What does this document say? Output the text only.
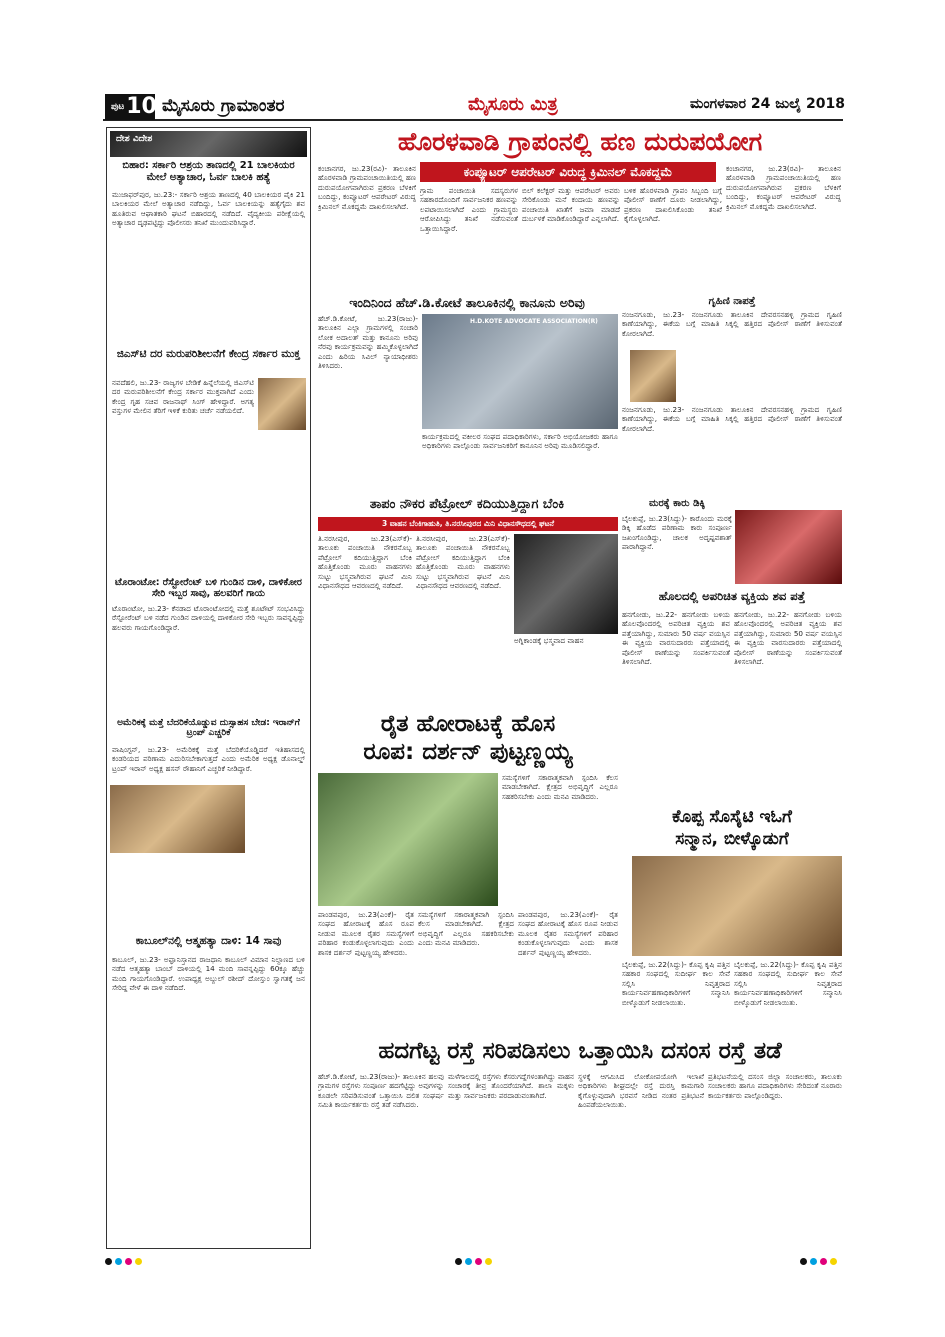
$^{ಪುಟ}$10 ಮೈಸೂರು ಗ್ರಾಮಾಂತರ	ಮೈಸೂರು ಮಿತ್ರ	ಮಂಗಳವಾರ 24 ಜುಲೈ 2018
ದೇಶ ವಿದೇಶ
ಬಿಹಾರ: ಸರ್ಕಾರಿ ಆಶ್ರಯ ತಾಣದಲ್ಲಿ 21 ಬಾಲಕಿಯರ ಮೇಲೆ ಅತ್ಯಾಚಾರ, ಓರ್ವ ಬಾಲಕಿ ಹತ್ಯೆ

ಮುಜಾಫರ್‌ಪುರ, ಜು.23:- ಸರ್ಕಾರಿ ಆಶ್ರಯ ತಾಣದಲ್ಲಿ 40 ಬಾಲಕಿಯರ ಪೈಕಿ 21 ಬಾಲಕಿಯರ ಮೇಲೆ ಅತ್ಯಾಚಾರ ನಡೆದಿದ್ದು, ಓರ್ವ ಬಾಲಕಿಯನ್ನು ಹತ್ಯೆಗೈದು ಶವ ಹೂತಿರುವ ಆಘಾತಕಾರಿ ಘಟನೆ ಬಿಹಾರದಲ್ಲಿ ನಡೆದಿದೆ. ವೈದ್ಯಕೀಯ ಪರೀಕ್ಷೆಯಲ್ಲಿ ಅತ್ಯಾಚಾರ ದೃಢಪಟ್ಟಿದ್ದು ಪೊಲೀಸರು ತನಿಖೆ ಮುಂದುವರಿಸಿದ್ದಾರೆ.

ಜಿಎಸ್‌ಟಿ ದರ ಮರುಪರಿಶೀಲನೆಗೆ ಕೇಂದ್ರ ಸರ್ಕಾರ ಮುಕ್ತ

ನವದೆಹಲಿ, ಜು.23- ರಾಜ್ಯಗಳ ಬೇಡಿಕೆ ಹಿನ್ನೆಲೆಯಲ್ಲಿ ಜಿಎಸ್‌ಟಿ ದರ ಮರುಪರಿಶೀಲನೆಗೆ ಕೇಂದ್ರ ಸರ್ಕಾರ ಮುಕ್ತವಾಗಿದೆ ಎಂದು ಕೇಂದ್ರ ಗೃಹ ಸಚಿವ ರಾಜನಾಥ್ ಸಿಂಗ್ ಹೇಳಿದ್ದಾರೆ. ಅಗತ್ಯ ವಸ್ತುಗಳ ಮೇಲಿನ ತೆರಿಗೆ ಇಳಿಕೆ ಕುರಿತು ಚರ್ಚೆ ನಡೆಯಲಿದೆ.

ಟೊರಾಂಟೋ: ರೆಸ್ಟೋರೆಂಟ್ ಬಳಿ ಗುಂಡಿನ ದಾಳಿ, ದಾಳಿಕೋರ ಸೇರಿ ಇಬ್ಬರ ಸಾವು, ಹಲವರಿಗೆ ಗಾಯ

ಟೊರಾಂಟೋ, ಜು.23- ಕೆನಡಾದ ಟೊರಾಂಟೋದಲ್ಲಿ ಮತ್ತೆ ಶೂಟೌಟ್ ಸಂಭವಿಸಿದ್ದು ರೆಸ್ಟೋರೆಂಟ್ ಬಳಿ ನಡೆದ ಗುಂಡಿನ ದಾಳಿಯಲ್ಲಿ ದಾಳಿಕೋರ ಸೇರಿ ಇಬ್ಬರು ಸಾವನ್ನಪ್ಪಿದ್ದು ಹಲವರು ಗಾಯಗೊಂಡಿದ್ದಾರೆ.

ಅಮೆರಿಕಕ್ಕೆ ಮತ್ತೆ ಬೆದರಿಕೆಯೊಡ್ಡುವ ದುಸ್ಸಾಹಸ ಬೇಡ: ಇರಾನ್‌ಗೆ ಟ್ರಂಪ್ ಎಚ್ಚರಿಕೆ

ವಾಷಿಂಗ್ಟನ್, ಜು.23- ಅಮೆರಿಕಕ್ಕೆ ಮತ್ತೆ ಬೆದರಿಕೆಯೊಡ್ಡಿದರೆ ಇತಿಹಾಸದಲ್ಲಿ ಕಂಡರಿಯದ ಪರಿಣಾಮ ಎದುರಿಸಬೇಕಾಗುತ್ತದೆ ಎಂದು ಅಮೆರಿಕ ಅಧ್ಯಕ್ಷ ಡೊನಾಲ್ಡ್ ಟ್ರಂಪ್ ಇರಾನ್ ಅಧ್ಯಕ್ಷ ಹಸನ್ ರೌಹಾನಿಗೆ ಎಚ್ಚರಿಕೆ ನೀಡಿದ್ದಾರೆ.

ಕಾಬೂಲ್‌ನಲ್ಲಿ ಆತ್ಮಹತ್ಯಾ ದಾಳಿ: 14 ಸಾವು

ಕಾಬೂಲ್, ಜು.23- ಅಫ್ಘಾನಿಸ್ತಾನದ ರಾಜಧಾನಿ ಕಾಬೂಲ್ ವಿಮಾನ ನಿಲ್ದಾಣದ ಬಳಿ ನಡೆದ ಆತ್ಮಹತ್ಯಾ ಬಾಂಬ್ ದಾಳಿಯಲ್ಲಿ 14 ಮಂದಿ ಸಾವನ್ನಪ್ಪಿದ್ದು 60ಕ್ಕೂ ಹೆಚ್ಚು ಮಂದಿ ಗಾಯಗೊಂಡಿದ್ದಾರೆ. ಉಪಾಧ್ಯಕ್ಷ ಅಬ್ದುಲ್ ರಶೀದ್ ದೋಸ್ತುಂ ಸ್ವಾಗತಕ್ಕೆ ಜನ ಸೇರಿದ್ದ ವೇಳೆ ಈ ದಾಳಿ ನಡೆದಿದೆ.

ಹೊರಳವಾಡಿ ಗ್ರಾಪಂನಲ್ಲಿ ಹಣ ದುರುಪಯೋಗ
ಕಂಪ್ಯೂಟರ್ ಆಪರೇಟರ್ ವಿರುದ್ಧ ಕ್ರಿಮಿನಲ್ ಮೊಕದ್ದಮೆ

ಕಂಚಾನಗರ, ಜು.23(ರವಿ)- ತಾಲೂಕಿನ ಹೊರಳವಾಡಿ ಗ್ರಾಮಪಂಚಾಯಿತಿಯಲ್ಲಿ ಹಣ ದುರುಪಯೋಗವಾಗಿರುವ ಪ್ರಕರಣ ಬೆಳಕಿಗೆ ಬಂದಿದ್ದು, ಕಂಪ್ಯೂಟರ್ ಆಪರೇಟರ್ ವಿರುದ್ಧ ಕ್ರಿಮಿನಲ್ ಮೊಕದ್ದಮೆ ದಾಖಲಿಸಲಾಗಿದೆ.

ಗ್ರಾಮ ಪಂಚಾಯಿತಿ ಸದಸ್ಯರುಗಳ ಸಹಕಾರದೊಂದಿಗೆ ಸಾರ್ವಜನಿಕರ ಹಣವನ್ನು ಲಪಟಾಯಿಸಲಾಗಿದೆ ಎಂದು ಗ್ರಾಮಸ್ಥರು ಆರೋಪಿಸಿದ್ದು ತನಿಖೆ ನಡೆಸುವಂತೆ ಒತ್ತಾಯಿಸಿದ್ದಾರೆ.

ಬಿಲ್ ಕಲೆಕ್ಟರ್ ಮತ್ತು ಆಪರೇಟರ್ ಅವರು ಸೇರಿಕೊಂಡು ಮನೆ ಕಂದಾಯ ಹಣವನ್ನು ಪಂಚಾಯಿತಿ ಖಾತೆಗೆ ಜಮಾ ಮಾಡದೆ ದುರ್ಬಳಕೆ ಮಾಡಿಕೊಂಡಿದ್ದಾರೆ ಎನ್ನಲಾಗಿದೆ.

ಬಳಿಕ ಹೊರಳವಾಡಿ ಗ್ರಾಪಂ ಸಿಬ್ಬಂದಿ ಬಗ್ಗೆ ಪೊಲೀಸ್ ಠಾಣೆಗೆ ದೂರು ನೀಡಲಾಗಿದ್ದು, ಪ್ರಕರಣ ದಾಖಲಿಸಿಕೊಂಡು ತನಿಖೆ ಕೈಗೊಳ್ಳಲಾಗಿದೆ.

ಕಂಚಾನಗರ, ಜು.23(ರವಿ)- ತಾಲೂಕಿನ ಹೊರಳವಾಡಿ ಗ್ರಾಮಪಂಚಾಯಿತಿಯಲ್ಲಿ ಹಣ ದುರುಪಯೋಗವಾಗಿರುವ ಪ್ರಕರಣ ಬೆಳಕಿಗೆ ಬಂದಿದ್ದು, ಕಂಪ್ಯೂಟರ್ ಆಪರೇಟರ್ ವಿರುದ್ಧ ಕ್ರಿಮಿನಲ್ ಮೊಕದ್ದಮೆ ದಾಖಲಿಸಲಾಗಿದೆ.

ಇಂದಿನಿಂದ ಹೆಚ್.ಡಿ.ಕೋಟೆ ತಾಲೂಕಿನಲ್ಲಿ ಕಾನೂನು ಅರಿವು

ಹೆಚ್.ಡಿ.ಕೋಟೆ, ಜು.23(ರಾಜು)- ತಾಲೂಕಿನ ಎಲ್ಲಾ ಗ್ರಾಮಗಳಲ್ಲಿ ಸಂಚಾರಿ ಲೋಕ ಅದಾಲತ್ ಮತ್ತು ಕಾನೂನು ಅರಿವು ನೆರವು ಕಾರ್ಯಕ್ರಮವನ್ನು ಹಮ್ಮಿಕೊಳ್ಳಲಾಗಿದೆ ಎಂದು ಹಿರಿಯ ಸಿವಿಲ್ ನ್ಯಾಯಾಧೀಶರು ತಿಳಿಸಿದರು.

H.D.KOTE ADVOCATE ASSOCIATION(R)

ಕಾರ್ಯಕ್ರಮದಲ್ಲಿ ವಕೀಲರ ಸಂಘದ ಪದಾಧಿಕಾರಿಗಳು, ಸರ್ಕಾರಿ ಅಭಿಯೋಜಕರು ಹಾಗೂ ಅಧಿಕಾರಿಗಳು ಪಾಲ್ಗೊಂಡು ಸಾರ್ವಜನಿಕರಿಗೆ ಕಾನೂನಿನ ಅರಿವು ಮೂಡಿಸಲಿದ್ದಾರೆ.

ಗೃಹಿಣಿ ನಾಪತ್ತೆ

ನಂಜನಗೂಡು, ಜು.23- ನಂಜನಗೂಡು ತಾಲೂಕಿನ ದೇವರಸನಹಳ್ಳಿ ಗ್ರಾಮದ ಗೃಹಿಣಿ ಕಾಣೆಯಾಗಿದ್ದು, ಈಕೆಯ ಬಗ್ಗೆ ಮಾಹಿತಿ ಸಿಕ್ಕಲ್ಲಿ ಹತ್ತಿರದ ಪೊಲೀಸ್ ಠಾಣೆಗೆ ತಿಳಿಸುವಂತೆ ಕೋರಲಾಗಿದೆ.

ನಂಜನಗೂಡು, ಜು.23- ನಂಜನಗೂಡು ತಾಲೂಕಿನ ದೇವರಸನಹಳ್ಳಿ ಗ್ರಾಮದ ಗೃಹಿಣಿ ಕಾಣೆಯಾಗಿದ್ದು, ಈಕೆಯ ಬಗ್ಗೆ ಮಾಹಿತಿ ಸಿಕ್ಕಲ್ಲಿ ಹತ್ತಿರದ ಪೊಲೀಸ್ ಠಾಣೆಗೆ ತಿಳಿಸುವಂತೆ ಕೋರಲಾಗಿದೆ.

ಮರಕ್ಕೆ ಕಾರು ಡಿಕ್ಕಿ

ಬೈಲಕುಪ್ಪೆ, ಜು.23(ಸಿದ್ದು)- ಕಾರೊಂದು ಮರಕ್ಕೆ ಡಿಕ್ಕಿ ಹೊಡೆದ ಪರಿಣಾಮ ಕಾರು ಸಂಪೂರ್ಣ ಜಖಂಗೊಂಡಿದ್ದು, ಚಾಲಕ ಅದೃಷ್ಟವಶಾತ್ ಪಾರಾಗಿದ್ದಾನೆ.

ತಾಪಂ ನೌಕರ ಪೆಟ್ರೋಲ್ ಕದಿಯುತ್ತಿದ್ದಾಗ ಬೆಂಕಿ
3 ವಾಹನ ಬೆಂಕಿಗಾಹುತಿ, ತಿ.ನರಸೀಪುರದ ಮಿನಿ ವಿಧಾನಸೌಧದಲ್ಲಿ ಘಟನೆ

ತಿ.ನರಸೀಪುರ, ಜು.23(ಎಸ್‌ಕೆ)- ತಾಲೂಕು ಪಂಚಾಯಿತಿ ನೌಕರನೊಬ್ಬ ಪೆಟ್ರೋಲ್ ಕದಿಯುತ್ತಿದ್ದಾಗ ಬೆಂಕಿ ಹೊತ್ತಿಕೊಂಡು ಮೂರು ವಾಹನಗಳು ಸುಟ್ಟು ಭಸ್ಮವಾಗಿರುವ ಘಟನೆ ಮಿನಿ ವಿಧಾನಸೌಧದ ಆವರಣದಲ್ಲಿ ನಡೆದಿದೆ.

ತಿ.ನರಸೀಪುರ, ಜು.23(ಎಸ್‌ಕೆ)- ತಾಲೂಕು ಪಂಚಾಯಿತಿ ನೌಕರನೊಬ್ಬ ಪೆಟ್ರೋಲ್ ಕದಿಯುತ್ತಿದ್ದಾಗ ಬೆಂಕಿ ಹೊತ್ತಿಕೊಂಡು ಮೂರು ವಾಹನಗಳು ಸುಟ್ಟು ಭಸ್ಮವಾಗಿರುವ ಘಟನೆ ಮಿನಿ ವಿಧಾನಸೌಧದ ಆವರಣದಲ್ಲಿ ನಡೆದಿದೆ.

ಅಗ್ನಿಕಾಂಡಕ್ಕೆ ಭಸ್ಮವಾದ ವಾಹನ
ಹೊಲದಲ್ಲಿ ಅಪರಿಚಿತ ವ್ಯಕ್ತಿಯ ಶವ ಪತ್ತೆ

ಹನಗೋಡು, ಜು.22- ಹನಗೋಡು ಬಳಿಯ ಹೊಲವೊಂದರಲ್ಲಿ ಅಪರಿಚಿತ ವ್ಯಕ್ತಿಯ ಶವ ಪತ್ತೆಯಾಗಿದ್ದು, ಸುಮಾರು 50 ವರ್ಷ ವಯಸ್ಸಿನ ಈ ವ್ಯಕ್ತಿಯ ವಾರಸುದಾರರು ಪತ್ತೆಯಾದಲ್ಲಿ ಪೊಲೀಸ್ ಠಾಣೆಯನ್ನು ಸಂಪರ್ಕಿಸುವಂತೆ ತಿಳಿಸಲಾಗಿದೆ.

ಹನಗೋಡು, ಜು.22- ಹನಗೋಡು ಬಳಿಯ ಹೊಲವೊಂದರಲ್ಲಿ ಅಪರಿಚಿತ ವ್ಯಕ್ತಿಯ ಶವ ಪತ್ತೆಯಾಗಿದ್ದು, ಸುಮಾರು 50 ವರ್ಷ ವಯಸ್ಸಿನ ಈ ವ್ಯಕ್ತಿಯ ವಾರಸುದಾರರು ಪತ್ತೆಯಾದಲ್ಲಿ ಪೊಲೀಸ್ ಠಾಣೆಯನ್ನು ಸಂಪರ್ಕಿಸುವಂತೆ ತಿಳಿಸಲಾಗಿದೆ.

ರೈತ ಹೋರಾಟಕ್ಕೆ ಹೊಸ
ರೂಪ: ದರ್ಶನ್ ಪುಟ್ಟಣ್ಣಯ್ಯ

ಸಮಸ್ಯೆಗಳಿಗೆ ಸಕಾರಾತ್ಮಕವಾಗಿ ಸ್ಪಂದಿಸಿ ಕೆಲಸ ಮಾಡಬೇಕಾಗಿದೆ. ಕ್ಷೇತ್ರದ ಅಭಿವೃದ್ಧಿಗೆ ಎಲ್ಲರೂ ಸಹಕರಿಸಬೇಕು ಎಂದು ಮನವಿ ಮಾಡಿದರು.

ಪಾಂಡವಪುರ, ಜು.23(ಎಂಕೆ)- ರೈತ ಸಂಘದ ಹೋರಾಟಕ್ಕೆ ಹೊಸ ರೂಪ ನೀಡುವ ಮೂಲಕ ರೈತರ ಸಮಸ್ಯೆಗಳಿಗೆ ಪರಿಹಾರ ಕಂಡುಕೊಳ್ಳಲಾಗುವುದು ಎಂದು ಶಾಸಕ ದರ್ಶನ್ ಪುಟ್ಟಣ್ಣಯ್ಯ ಹೇಳಿದರು.

ಸಮಸ್ಯೆಗಳಿಗೆ ಸಕಾರಾತ್ಮಕವಾಗಿ ಸ್ಪಂದಿಸಿ ಕೆಲಸ ಮಾಡಬೇಕಾಗಿದೆ. ಕ್ಷೇತ್ರದ ಅಭಿವೃದ್ಧಿಗೆ ಎಲ್ಲರೂ ಸಹಕರಿಸಬೇಕು ಎಂದು ಮನವಿ ಮಾಡಿದರು.

ಪಾಂಡವಪುರ, ಜು.23(ಎಂಕೆ)- ರೈತ ಸಂಘದ ಹೋರಾಟಕ್ಕೆ ಹೊಸ ರೂಪ ನೀಡುವ ಮೂಲಕ ರೈತರ ಸಮಸ್ಯೆಗಳಿಗೆ ಪರಿಹಾರ ಕಂಡುಕೊಳ್ಳಲಾಗುವುದು ಎಂದು ಶಾಸಕ ದರ್ಶನ್ ಪುಟ್ಟಣ್ಣಯ್ಯ ಹೇಳಿದರು.

ಕೊಪ್ಪ ಸೊಸೈಟಿ ಇಓಗೆ
ಸನ್ಮಾನ, ಬೀಳ್ಕೊಡುಗೆ

ಬೈಲಕುಪ್ಪೆ, ಜು.22(ಸಿದ್ದು)- ಕೊಪ್ಪ ಕೃಷಿ ಪತ್ತಿನ ಸಹಕಾರ ಸಂಘದಲ್ಲಿ ಸುದೀರ್ಘ ಕಾಲ ಸೇವೆ ಸಲ್ಲಿಸಿ ನಿವೃತ್ತರಾದ ಕಾರ್ಯನಿರ್ವಹಣಾಧಿಕಾರಿಗಳಿಗೆ ಸನ್ಮಾನಿಸಿ ಬೀಳ್ಕೊಡುಗೆ ನೀಡಲಾಯಿತು.

ಬೈಲಕುಪ್ಪೆ, ಜು.22(ಸಿದ್ದು)- ಕೊಪ್ಪ ಕೃಷಿ ಪತ್ತಿನ ಸಹಕಾರ ಸಂಘದಲ್ಲಿ ಸುದೀರ್ಘ ಕಾಲ ಸೇವೆ ಸಲ್ಲಿಸಿ ನಿವೃತ್ತರಾದ ಕಾರ್ಯನಿರ್ವಹಣಾಧಿಕಾರಿಗಳಿಗೆ ಸನ್ಮಾನಿಸಿ ಬೀಳ್ಕೊಡುಗೆ ನೀಡಲಾಯಿತು.

ಹದಗೆಟ್ಟ ರಸ್ತೆ ಸರಿಪಡಿಸಲು ಒತ್ತಾಯಿಸಿ ದಸಂಸ ರಸ್ತೆ ತಡೆ

ಹೆಚ್.ಡಿ.ಕೋಟೆ, ಜು.23(ರಾಜು)- ತಾಲೂಕಿನ ಹಲವು ಗ್ರಾಮಗಳ ರಸ್ತೆಗಳು ಸಂಪೂರ್ಣ ಹದಗೆಟ್ಟಿದ್ದು ಅವುಗಳನ್ನು ಕೂಡಲೇ ಸರಿಪಡಿಸುವಂತೆ ಒತ್ತಾಯಿಸಿ ದಲಿತ ಸಂಘರ್ಷ ಸಮಿತಿ ಕಾರ್ಯಕರ್ತರು ರಸ್ತೆ ತಡೆ ನಡೆಸಿದರು.

ಮಳೆಗಾಲದಲ್ಲಿ ರಸ್ತೆಗಳು ಕೆಸರುಗದ್ದೆಗಳಂತಾಗಿದ್ದು ವಾಹನ ಸಂಚಾರಕ್ಕೆ ತೀವ್ರ ತೊಂದರೆಯಾಗಿದೆ. ಶಾಲಾ ಮಕ್ಕಳು ಮತ್ತು ಸಾರ್ವಜನಿಕರು ಪರದಾಡುವಂತಾಗಿದೆ.

ಸ್ಥಳಕ್ಕೆ ಆಗಮಿಸಿದ ಲೋಕೋಪಯೋಗಿ ಇಲಾಖೆ ಅಧಿಕಾರಿಗಳು ಶೀಘ್ರದಲ್ಲೇ ರಸ್ತೆ ದುರಸ್ತಿ ಕಾಮಗಾರಿ ಕೈಗೊಳ್ಳುವುದಾಗಿ ಭರವಸೆ ನೀಡಿದ ನಂತರ ಪ್ರತಿಭಟನೆ ಹಿಂಪಡೆಯಲಾಯಿತು.

ಪ್ರತಿಭಟನೆಯಲ್ಲಿ ದಸಂಸ ಜಿಲ್ಲಾ ಸಂಚಾಲಕರು, ತಾಲೂಕು ಸಂಚಾಲಕರು ಹಾಗೂ ಪದಾಧಿಕಾರಿಗಳು ಸೇರಿದಂತೆ ನೂರಾರು ಕಾರ್ಯಕರ್ತರು ಪಾಲ್ಗೊಂಡಿದ್ದರು.
